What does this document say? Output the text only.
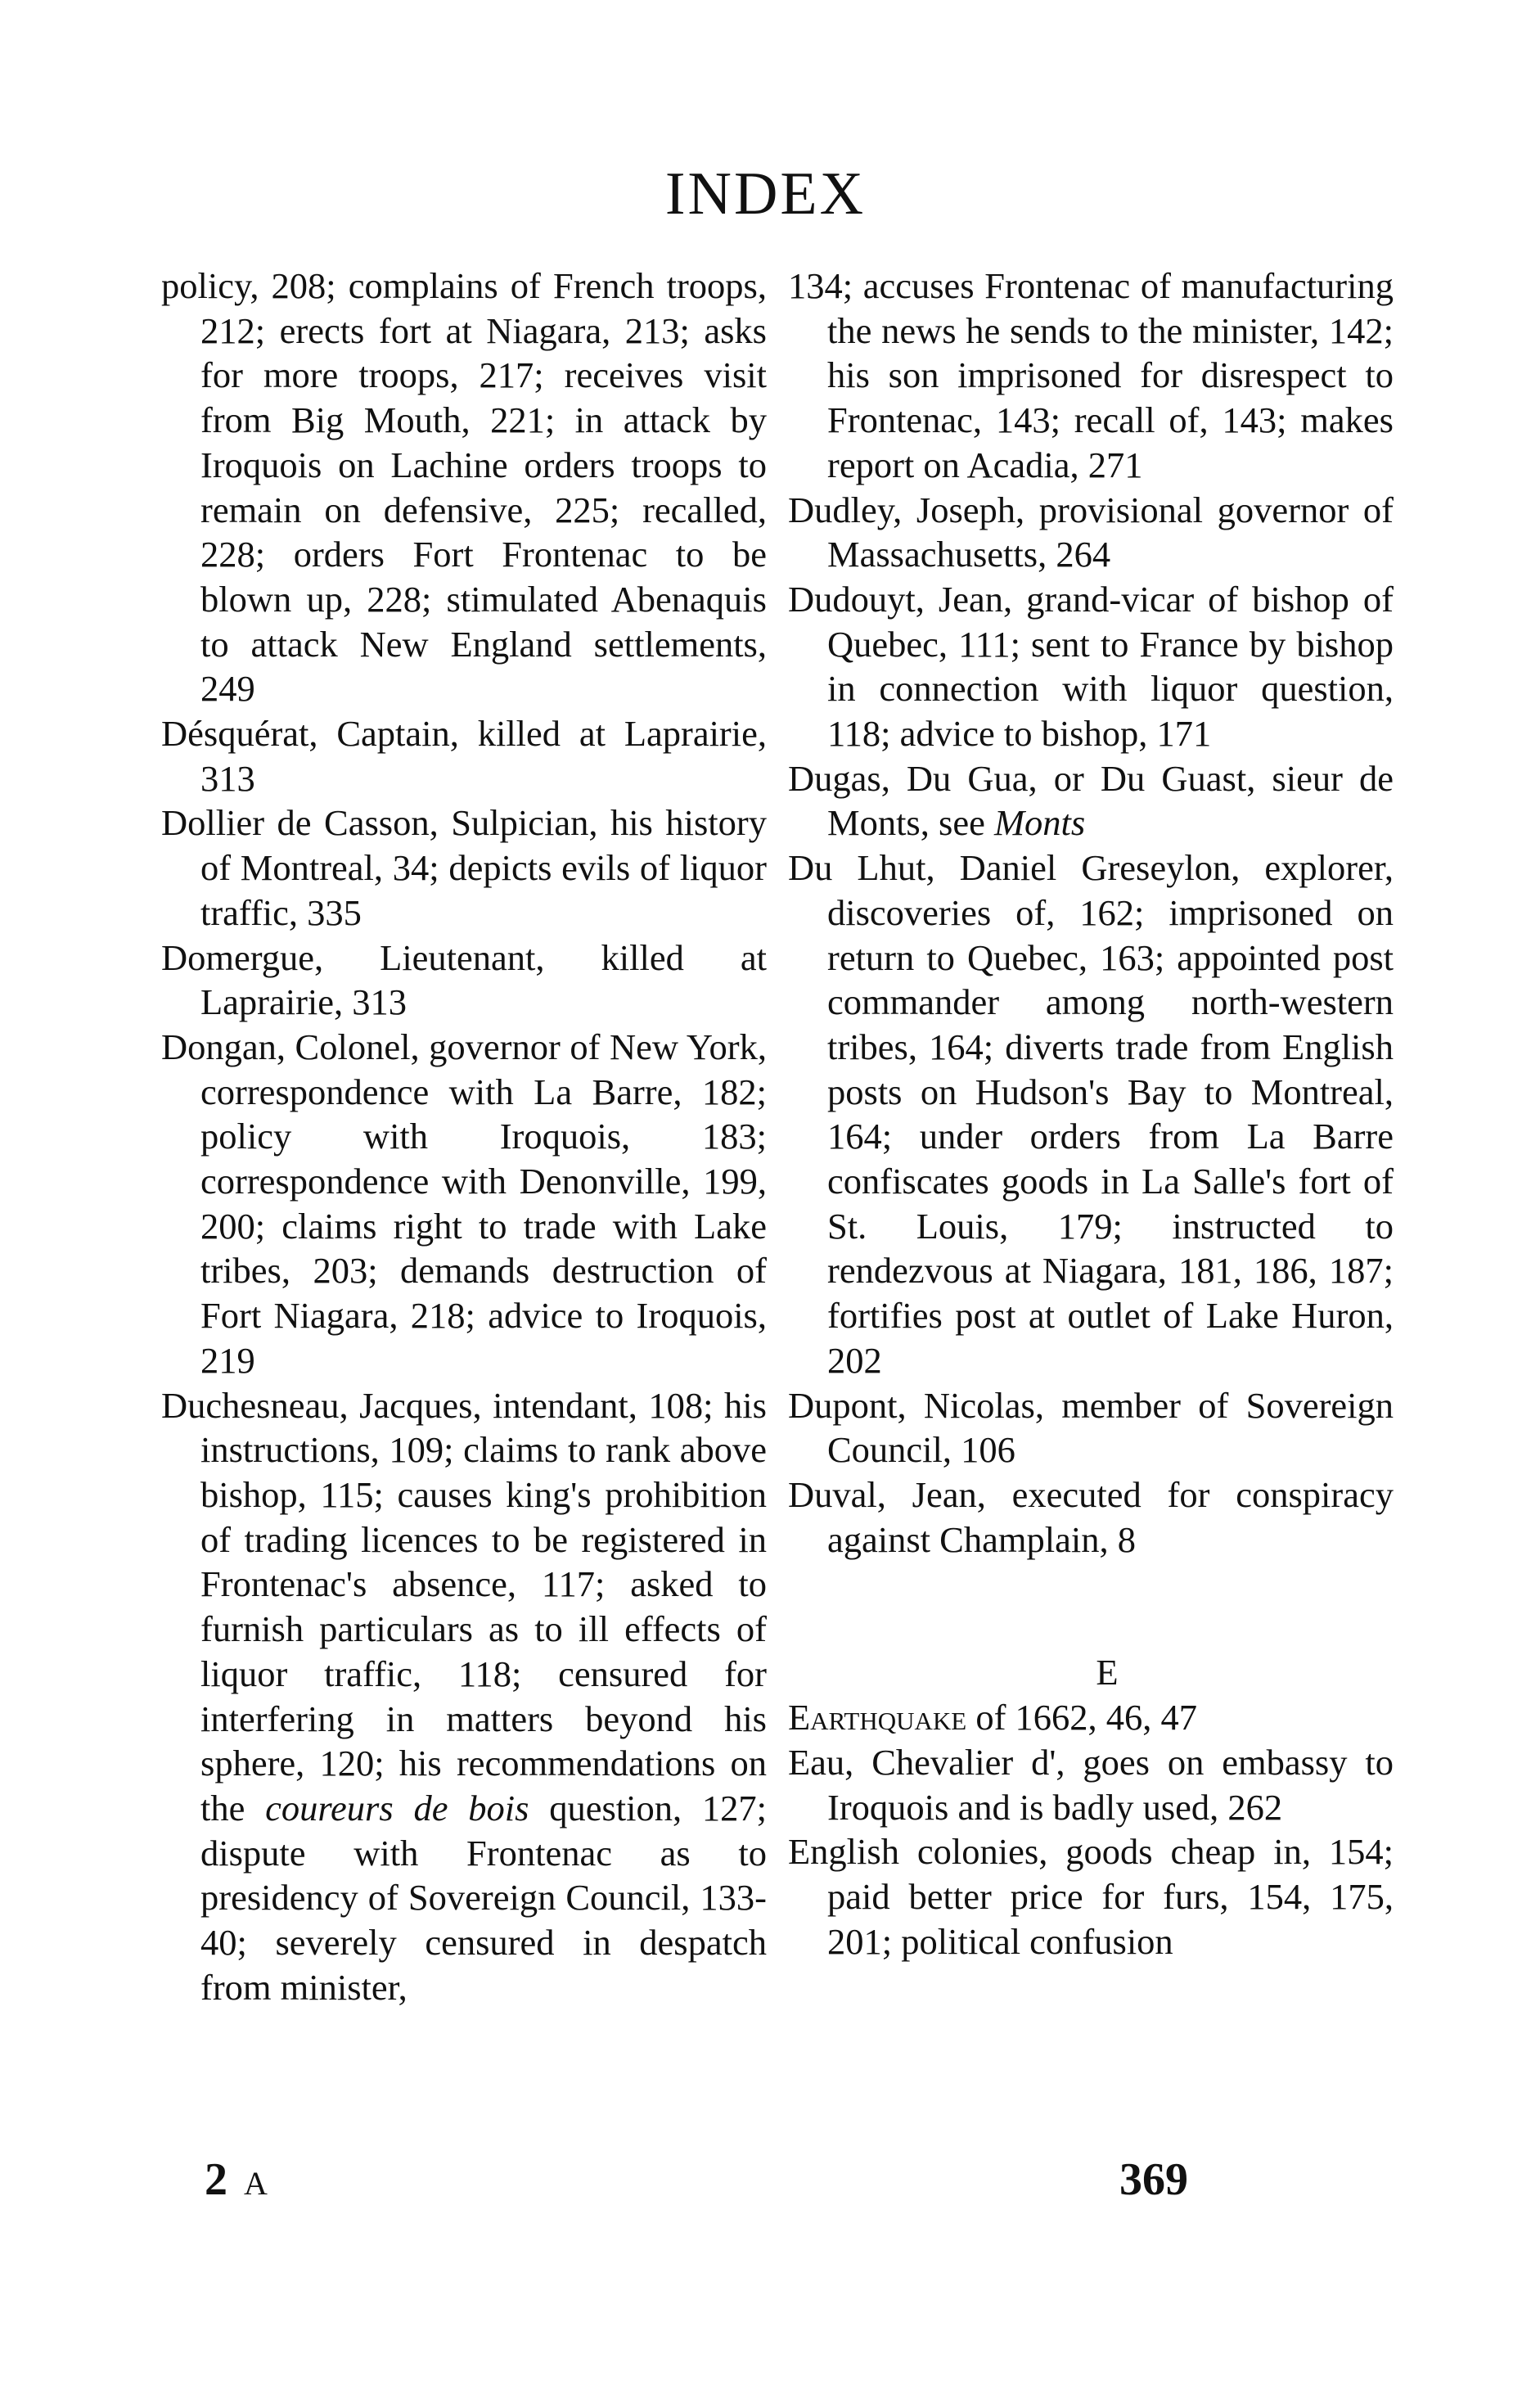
INDEX

policy, 208; complains of French troops, 212; erects fort at Niagara, 213; asks for more troops, 217; receives visit from Big Mouth, 221; in attack by Iroquois on Lachine orders troops to remain on defensive, 225; recalled, 228; orders Fort Frontenac to be blown up, 228; stimulated Abenaquis to attack New England settlements, 249

Désquérat, Captain, killed at Laprairie, 313

Dollier de Casson, Sulpician, his history of Montreal, 34; depicts evils of liquor traffic, 335

Domergue, Lieutenant, killed at Laprairie, 313

Dongan, Colonel, governor of New York, correspondence with La Barre, 182; policy with Iroquois, 183; correspondence with Denonville, 199, 200; claims right to trade with Lake tribes, 203; demands destruction of Fort Niagara, 218; advice to Iroquois, 219

Duchesneau, Jacques, intendant, 108; his instructions, 109; claims to rank above bishop, 115; causes king's prohibition of trading licences to be registered in Frontenac's absence, 117; asked to furnish particulars as to ill effects of liquor traffic, 118; censured for interfering in matters beyond his sphere, 120; his recommendations on the coureurs de bois question, 127; dispute with Frontenac as to presidency of Sovereign Council, 133-40; severely censured in despatch from minister,

134; accuses Frontenac of manufacturing the news he sends to the minister, 142; his son imprisoned for disrespect to Frontenac, 143; recall of, 143; makes report on Acadia, 271

Dudley, Joseph, provisional governor of Massachusetts, 264

Dudouyt, Jean, grand-vicar of bishop of Quebec, 111; sent to France by bishop in connection with liquor question, 118; advice to bishop, 171

Dugas, Du Gua, or Du Guast, sieur de Monts, see Monts

Du Lhut, Daniel Greseylon, explorer, discoveries of, 162; imprisoned on return to Quebec, 163; appointed post commander among north-western tribes, 164; diverts trade from English posts on Hudson's Bay to Montreal, 164; under orders from La Barre confiscates goods in La Salle's fort of St. Louis, 179; instructed to rendezvous at Niagara, 181, 186, 187; fortifies post at outlet of Lake Huron, 202

Dupont, Nicolas, member of Sovereign Council, 106

Duval, Jean, executed for conspiracy against Champlain, 8

E

Earthquake of 1662, 46, 47

Eau, Chevalier d', goes on embassy to Iroquois and is badly used, 262

English colonies, goods cheap in, 154; paid better price for furs, 154, 175, 201; political confusion

2 A	369
